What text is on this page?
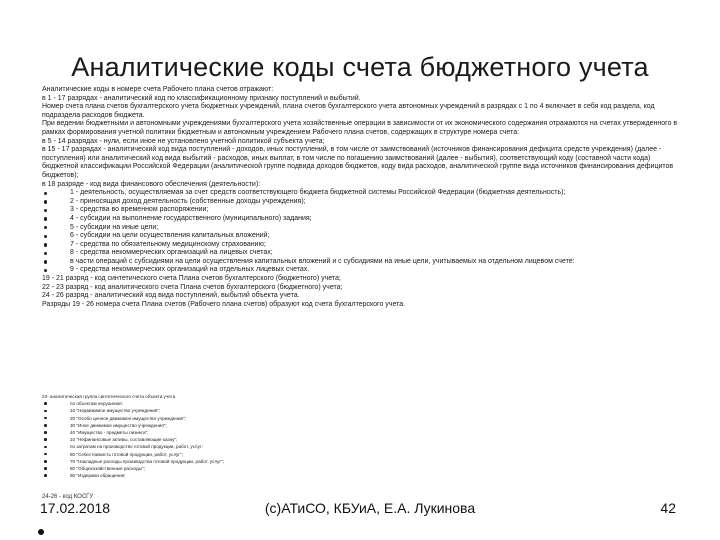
Аналитические коды счета бюджетного учета

Аналитические коды в номере счета Рабочего плана счетов отражают:

в 1 - 17 разрядах - аналитический код по классификационному признаку поступлений и выбытий.

Номер счета плана счетов бухгалтерского учета бюджетных учреждений, плана счетов бухгалтерского учета автономных учреждений в разрядах с 1 по 4 включает в себя код раздела, код подраздела расходов бюджета.

При ведении бюджетными и автономными учреждениями бухгалтерского учета хозяйственные операции в зависимости от их экономического содержания отражаются на счетах утвержденного в рамках формирования учетной политики бюджетным и автономным учреждением Рабочего плана счетов, содержащих в структуре номера счета:

в 5 - 14 разрядах - нули, если иное не установлено учетной политикой субъекта учета;

в 15 - 17 разрядах - аналитический код вида поступлений - доходов, иных поступлений, в том числе от заимствований (источников финансирования дефицита средств учреждения) (далее - поступления) или аналитический код вида выбытий - расходов, иных выплат, в том числе по погашению заимствований (далее - выбытия), соответствующий коду (составной части кода) бюджетной классификации Российской Федерации (аналитической группе подвида доходов бюджетов, коду вида расходов, аналитической группе вида источников финансирования дефицитов бюджетов);

в 18 разряде - код вида финансового обеспечения (деятельности):

1 - деятельность, осуществляемая за счет средств соответствующего бюджета бюджетной системы Российской Федерации (бюджетная деятельность);
2 - приносящая доход деятельность (собственные доходы учреждения);
3 - средства во временном распоряжении;
4 - субсидии на выполнение государственного (муниципального) задания;
5 - субсидии на иные цели;
6 - субсидии на цели осуществления капитальных вложений;
7 - средства по обязательному медицинскому страхованию;
8 - средства некоммерческих организаций на лицевых счетах;
в части операций с субсидиями на цели осуществления капитальных вложений и с субсидиями на иные цели, учитываемых на отдельном лицевом счете:
9 - средства некоммерческих организаций на отдельных лицевых счетах.

19 - 21 разряд - код синтетического счета Плана счетов бухгалтерского (бюджетного) учета;

22 - 23 разряд - код аналитического счета Плана счетов бухгалтерского (бюджетного) учета;

24 - 26 разряд - аналитический код вида поступлений, выбытий объекта учета.

Разряды 19 - 26 номера счета Плана счетов (Рабочего плана счетов) образуют код счета бухгалтерского учета.

23- аналитическая группа синтетического счета объекта учета

по объектам нерушения:
10 "Недвижимое имущество учреждения";
20 "Особо ценное движимое имущество учреждения";
30 "Иное движимое имущество учреждения";
40 "Имущество - предметы лизинга";
10 "Нефинансовые активы, составляющие казну";
по затратам на производство готовой продукции, работ, услуг:
80 "Себестоимость готовой продукции, работ, услуг";
70 "Накладные расходы производства готовой продукции, работ, услуг";
80 "Общехозяйственные расходы";
90 "Издержки обращения;
24-26 - код КОСГУ
17.02.2018	(с)АТиСО, КБУиА, Е.А. Лукинова	42
